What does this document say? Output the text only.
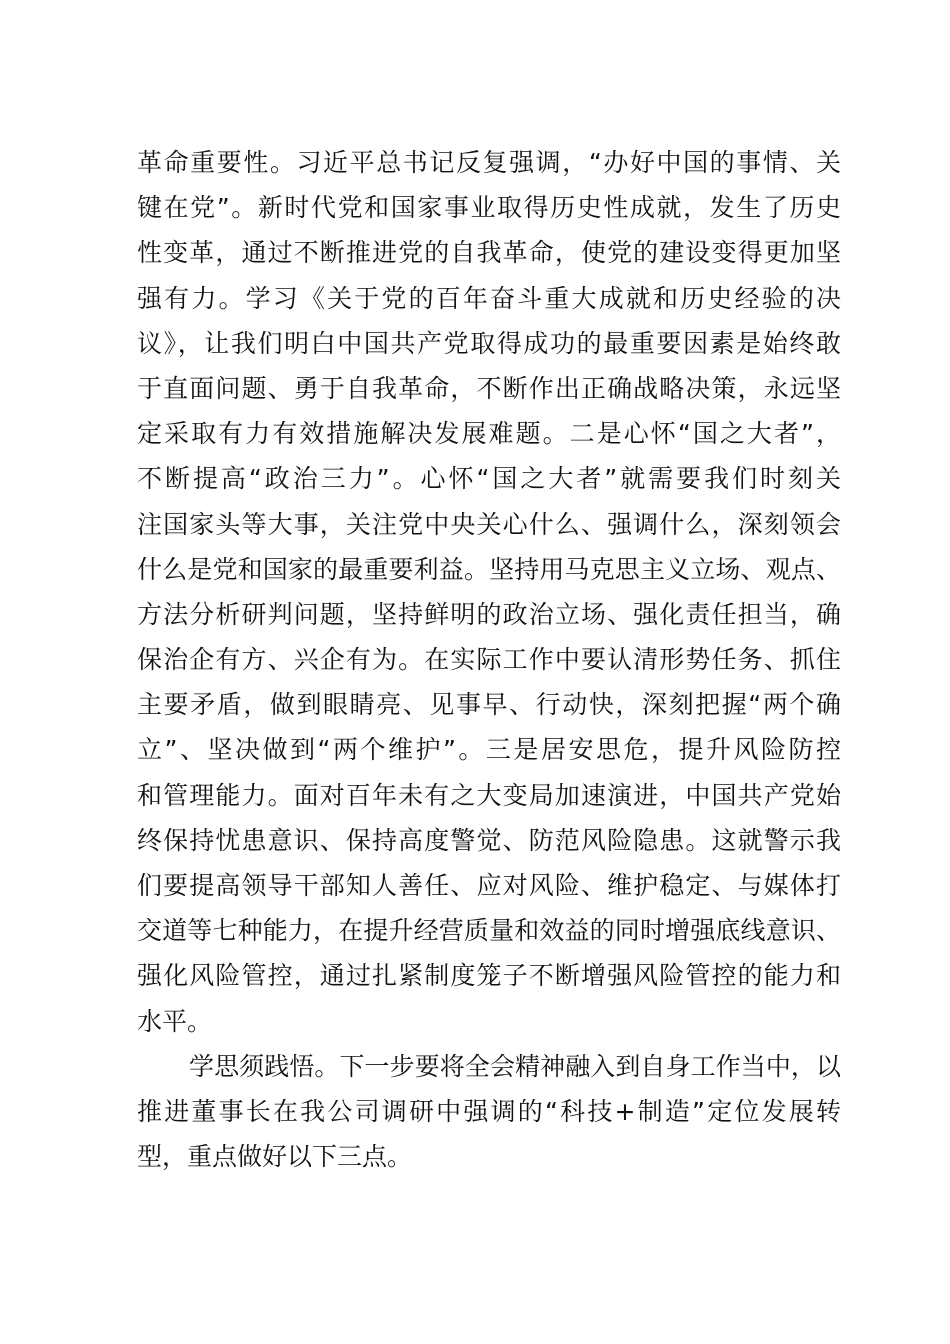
革命重要性。习近平总书记反复强调，“办好中国的事情、关
键在党”。新时代党和国家事业取得历史性成就，发生了历史
性变革，通过不断推进党的自我革命，使党的建设变得更加坚
强有力。学习《关于党的百年奋斗重大成就和历史经验的决
议》，让我们明白中国共产党取得成功的最重要因素是始终敢
于直面问题、勇于自我革命，不断作出正确战略决策，永远坚
定采取有力有效措施解决发展难题。二是心怀“国之大者”，
不断提高“政治三力”。心怀“国之大者”就需要我们时刻关
注国家头等大事，关注党中央关心什么、强调什么，深刻领会
什么是党和国家的最重要利益。坚持用马克思主义立场、观点、
方法分析研判问题，坚持鲜明的政治立场、强化责任担当，确
保治企有方、兴企有为。在实际工作中要认清形势任务、抓住
主要矛盾，做到眼睛亮、见事早、行动快，深刻把握“两个确
立”、坚决做到“两个维护”。三是居安思危，提升风险防控
和管理能力。面对百年未有之大变局加速演进，中国共产党始
终保持忧患意识、保持高度警觉、防范风险隐患。这就警示我
们要提高领导干部知人善任、应对风险、维护稳定、与媒体打
交道等七种能力，在提升经营质量和效益的同时增强底线意识、
强化风险管控，通过扎紧制度笼子不断增强风险管控的能力和
水平。
学思须践悟。下一步要将全会精神融入到自身工作当中，以
推进董事长在我公司调研中强调的“科技+制造”定位发展转
型，重点做好以下三点。
